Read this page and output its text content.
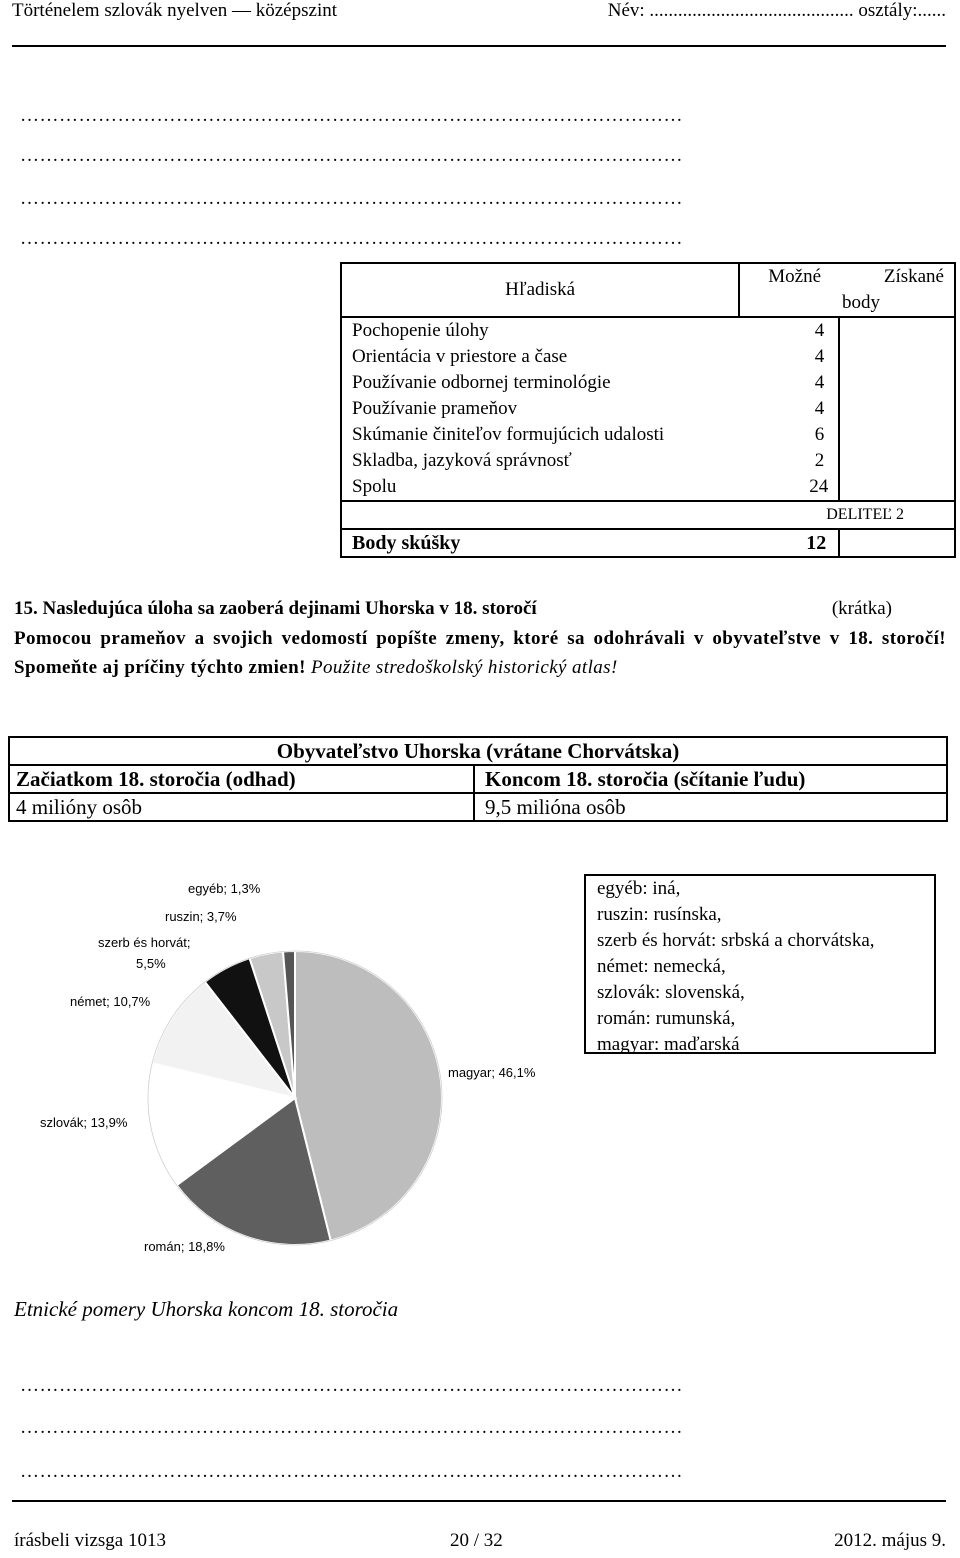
Történelem szlovák nyelven — középszint	Név: ........................................... osztály:......
…………………………………………………………………………………………
…………………………………………………………………………………………
…………………………………………………………………………………………
…………………………………………………………………………………………
Hľadiská	Možné	Získané
	body	
Pochopenie úlohy	4	
Orientácia v priestore a čase	4	
Používanie odbornej terminológie	4	
Používanie prameňov	4	
Skúmanie činiteľov formujúcich udalosti	6	
Skladba, jazyková správnosť	2	
Spolu	24	
	DELITEĽ 2	
Body skúšky	12	
15. Nasledujúca úloha sa zaoberá dejinami Uhorska v 18. storočí	(krátka)
Pomocou prameňov a svojich vedomostí popíšte zmeny, ktoré sa odohrávali v obyvateľstve v 18. storočí! Spomeňte aj príčiny týchto zmien! Použite stredoškolský historický atlas!
Obyvateľstvo Uhorska (vrátane Chorvátska)	
Začiatkom 18. storočia (odhad)	Koncom 18. storočia (sčítanie ľudu)
4 milióny osôb	9,5 milióna osôb
egyéb; 1,3%
ruszin; 3,7%
szerb és horvát;
5,5%
német; 10,7%
szlovák; 13,9%
román; 18,8%
magyar; 46,1%
egyéb: iná,
ruszin: rusínska,
szerb és horvát: srbská a chorvátska,
német: nemecká,
szlovák: slovenská,
román: rumunská,
magyar: maďarská
Etnické pomery Uhorska koncom 18. storočia
…………………………………………………………………………………………
…………………………………………………………………………………………
…………………………………………………………………………………………
írásbeli vizsga 1013	20 / 32	2012. május 9.
